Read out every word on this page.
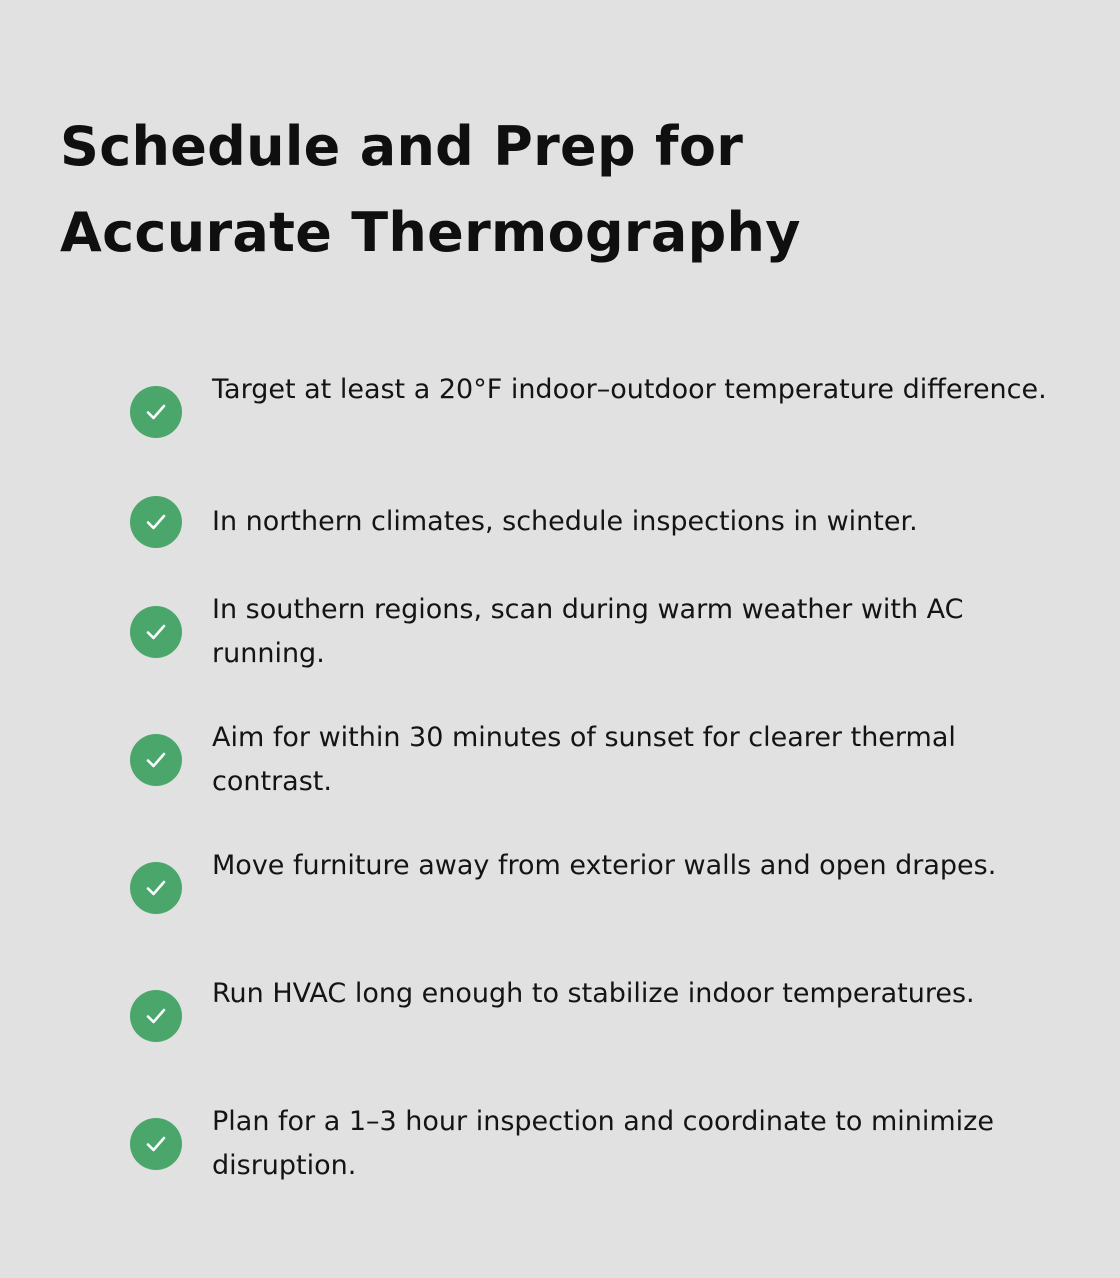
Schedule and Prep for
Accurate Thermography
Target at least a 20°F indoor–outdoor temperature difference.
In northern climates, schedule inspections in winter.
In southern regions, scan during warm weather with AC running.
Aim for within 30 minutes of sunset for clearer thermal contrast.
Move furniture away from exterior walls and open drapes.
Run HVAC long enough to stabilize indoor temperatures.
Plan for a 1–3 hour inspection and coordinate to minimize disruption.
